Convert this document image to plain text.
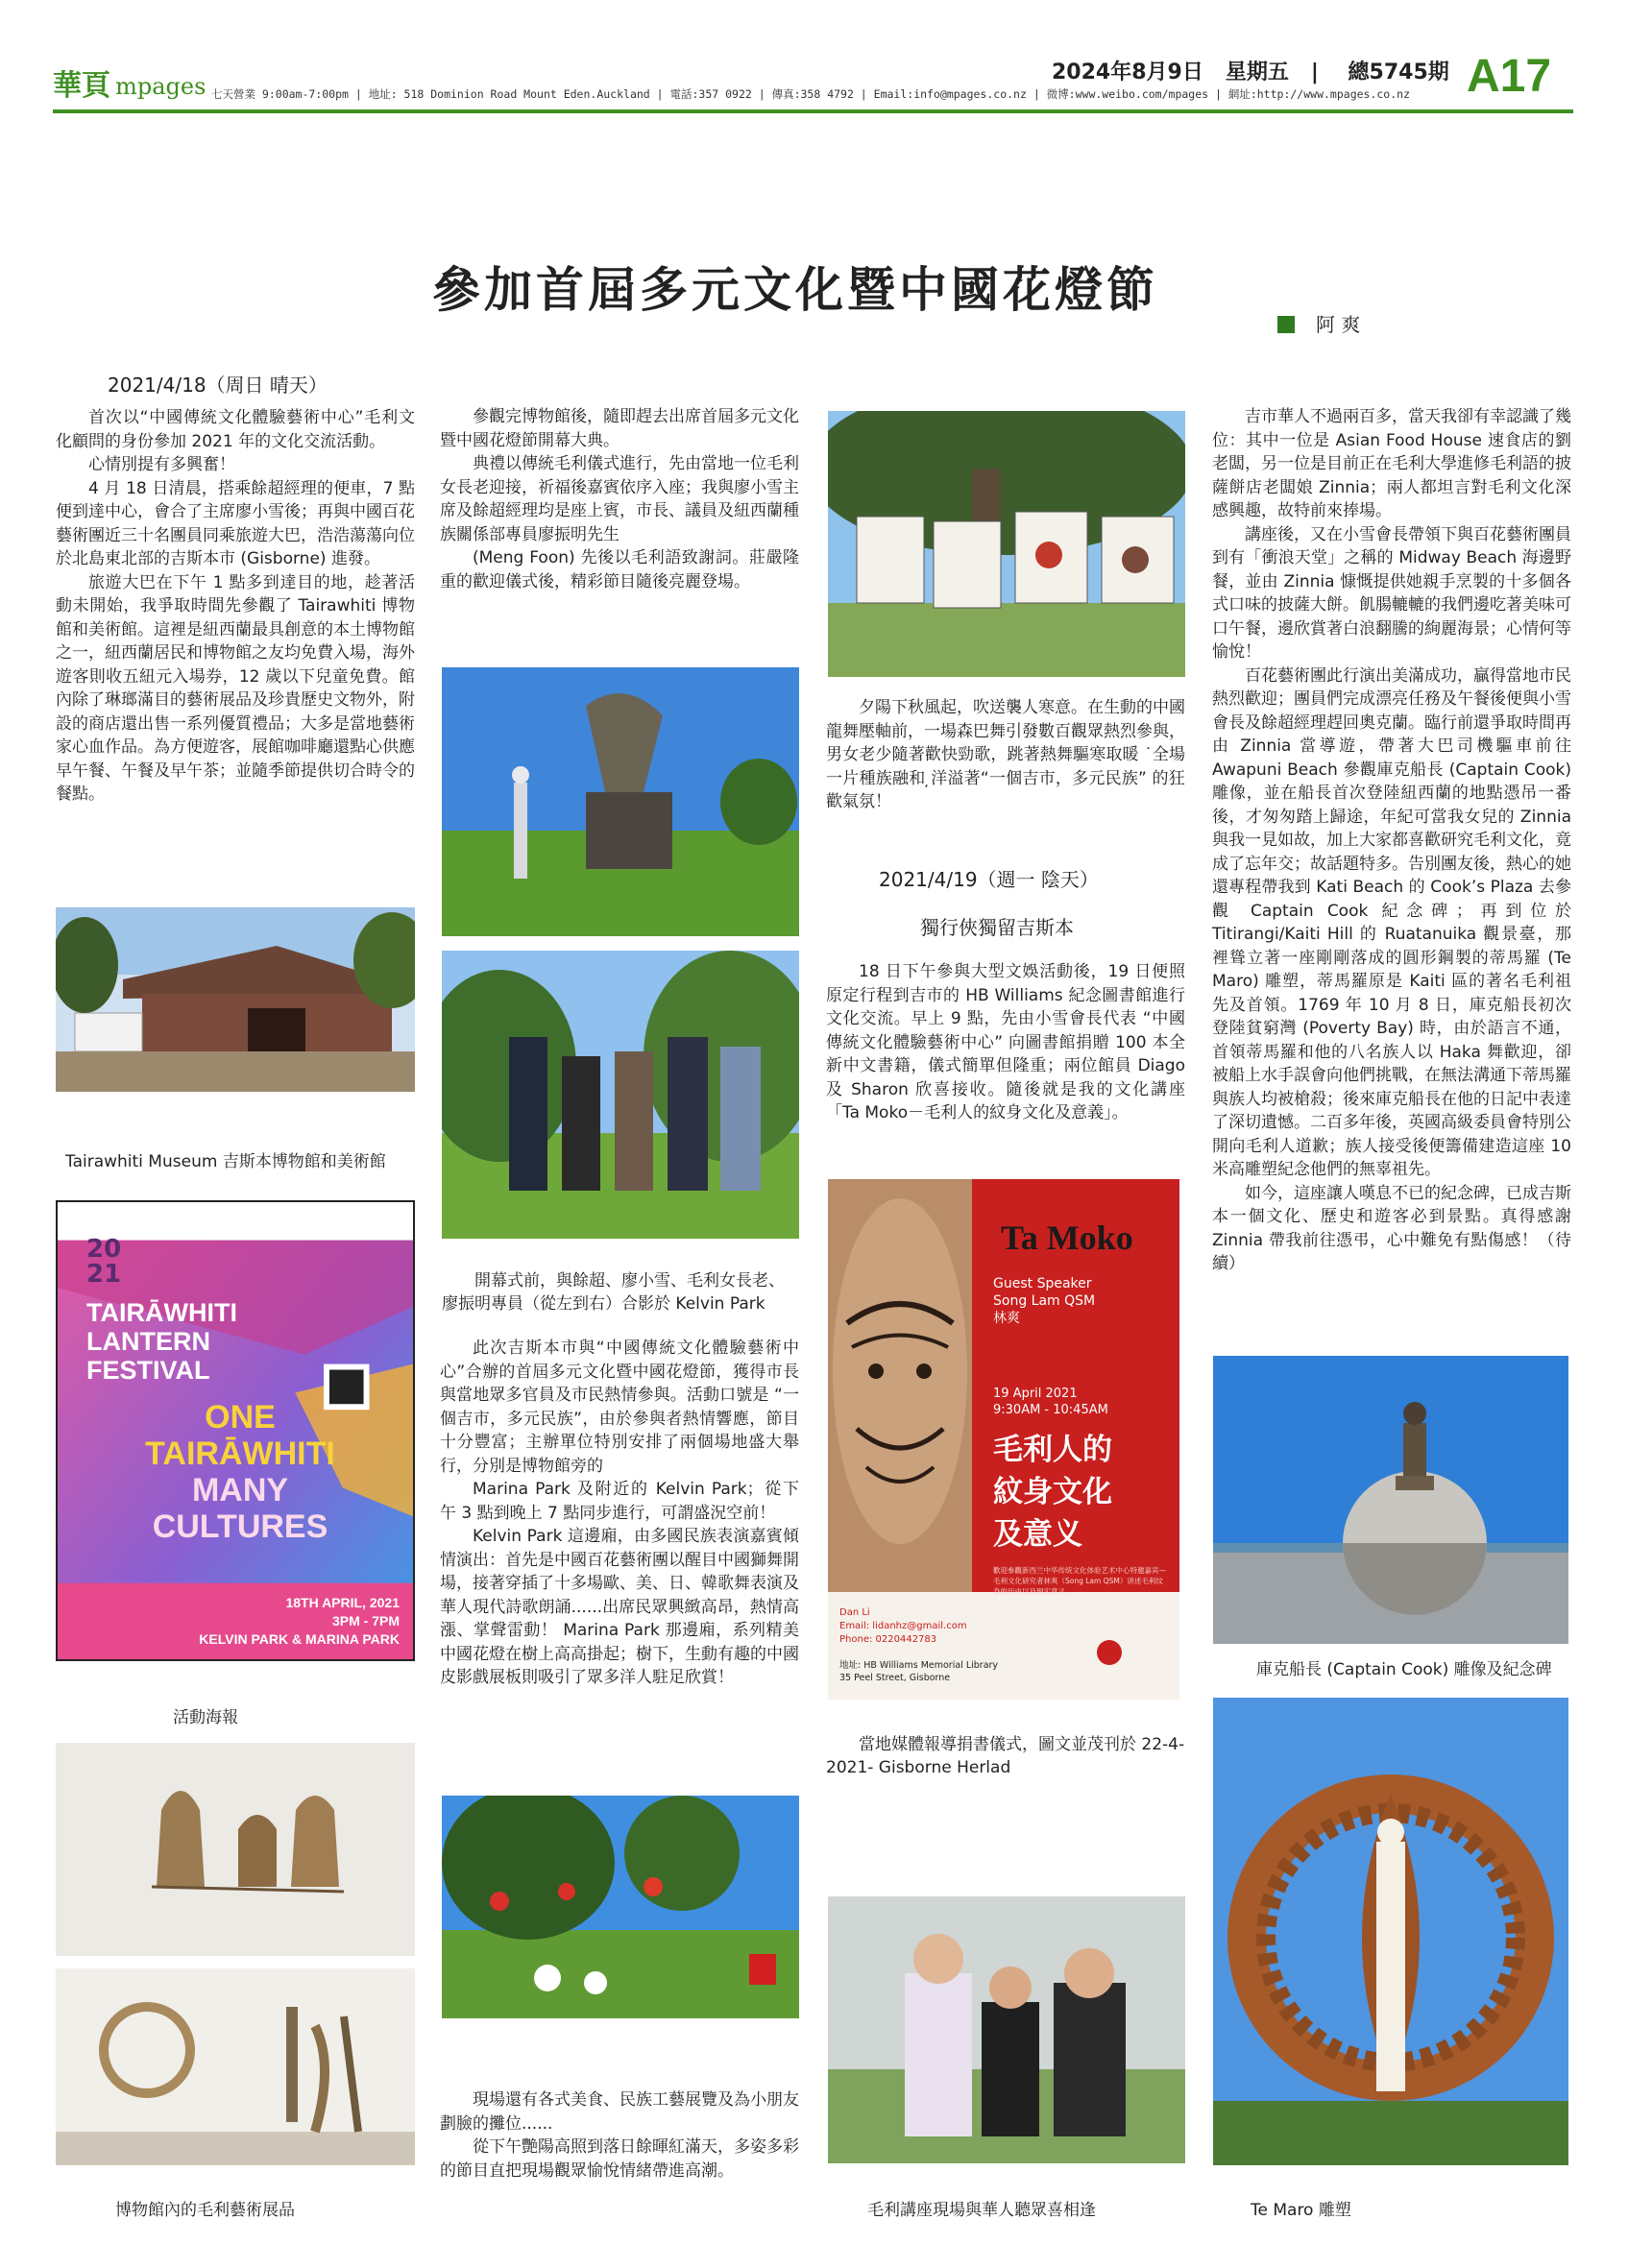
華頁 mpages 七天營業 9:00am-7:00pm | 地址: 518 Dominion Road Mount Eden.Auckland | 電話:357 0922 | 傳真:358 4792 | Email:info@mpages.co.nz | 微博:www.weibo.com/mpages | 網址:http://www.mpages.co.nz
2024年8月9日 星期五   |    總5745期 A17
參加首屆多元文化暨中國花燈節
阿 爽
2021/4/18（周日 晴天）

首次以“中國傳統文化體驗藝術中心”毛利文化顧問的身份參加 2021 年的文化交流活動。

心情別提有多興奮！

4 月 18 日清晨，搭乘餘超經理的便車，7 點便到達中心，會合了主席廖小雪後；再與中國百花藝術團近三十名團員同乘旅遊大巴，浩浩蕩蕩向位於北島東北部的吉斯本市 (Gisborne) 進發。

旅遊大巴在下午 1 點多到達目的地，趁著活動未開始，我爭取時間先參觀了 Tairawhiti 博物館和美術館。這裡是紐西蘭最具創意的本土博物館之一，紐西蘭居民和博物館之友均免費入場，海外遊客則收五紐元入場券，12 歲以下兒童免費。館內除了琳瑯滿目的藝術展品及珍貴歷史文物外，附設的商店還出售一系列優質禮品；大多是當地藝術家心血作品。為方便遊客，展館咖啡廳還點心供應早午餐、午餐及早午茶；並隨季節提供切合時令的餐點。

Tairawhiti Museum 吉斯本博物館和美術館
20
21
TAIRĀWHITI
LANTERN
FESTIVAL
ONE
TAIRĀWHITI
MANY
CULTURES
18TH APRIL, 2021
3PM - 7PM
KELVIN PARK & MARINA PARK
活動海報
博物館內的毛利藝術展品

參觀完博物館後，隨即趕去出席首屆多元文化暨中國花燈節開幕大典。

典禮以傳統毛利儀式進行，先由當地一位毛利女長老迎接，祈福後嘉賓依序入座；我與廖小雪主席及餘超經理均是座上賓，市長、議員及紐西蘭種族關係部專員廖振明先生

(Meng Foon) 先後以毛利語致謝詞。莊嚴隆重的歡迎儀式後，精彩節目隨後亮麗登場。

開幕式前，與餘超、廖小雪、毛利女長老、廖振明專員（從左到右）合影於 Kelvin Park

此次吉斯本市與“中國傳統文化體驗藝術中心”合辦的首屆多元文化暨中國花燈節，獲得市長與當地眾多官員及市民熱情參與。活動口號是 “一個吉市，多元民族”，由於參與者熱情響應，節目十分豐富；主辦單位特別安排了兩個場地盛大舉行，分別是博物館旁的

Marina Park 及附近的 Kelvin Park；從下午 3 點到晚上 7 點同步進行，可謂盛況空前！

Kelvin Park 這邊廂，由多國民族表演嘉賓傾情演出：首先是中國百花藝術團以醒目中國獅舞開場，接著穿插了十多場歐、美、日、韓歌舞表演及華人現代詩歌朗誦......出席民眾興緻高昂，熱情高漲、掌聲雷動！ Marina Park 那邊廂，系列精美中國花燈在樹上高高掛起；樹下，生動有趣的中國皮影戲展板則吸引了眾多洋人駐足欣賞！

現場還有各式美食、民族工藝展覽及為小朋友劃臉的攤位......

從下午艷陽高照到落日餘暉紅滿天，多姿多彩的節目直把現場觀眾愉悅情緒帶進高潮。

夕陽下秋風起，吹送襲人寒意。在生動的中國龍舞壓軸前，一場森巴舞引發數百觀眾熱烈參與，男女老少隨著歡快勁歌，跳著熱舞驅寒取暖 ˙全場一片種族融和 ̦洋溢著“一個吉市，多元民族” 的狂歡氣氛！

2021/4/19（週一 陰天）
獨行俠獨留吉斯本

18 日下午參與大型文娛活動後，19 日便照原定行程到吉市的 HB Williams 紀念圖書館進行文化交流。早上 9 點，先由小雪會長代表 “中國傳統文化體驗藝術中心” 向圖書館捐贈 100 本全新中文書籍，儀式簡單但隆重；兩位館員 Diago 及 Sharon 欣喜接收。隨後就是我的文化講座「Ta Moko－毛利人的紋身文化及意義」。

Ta Moko
Guest Speaker
Song Lam QSM
林爽
19 April 2021
9:30AM - 10:45AM
毛利人的
紋身文化
及意义
歡迎參觀新西兰中华传统文化体验艺术中心特邀嘉宾—毛利文化研究者林爽（Song Lam QSM）讲述毛利纹身的历史以及现实意义。
Dan Li
Email: lidanhz@gmail.com
Phone: 0220442783
地址: HB Williams Memorial Library
35 Peel Street, Gisborne
當地媒體報導捐書儀式，圖文並茂刊於 22-4-2021- Gisborne Herlad
毛利講座現場與華人聽眾喜相逢

吉市華人不過兩百多，當天我卻有幸認識了幾位：其中一位是 Asian Food House 速食店的劉老闆，另一位是目前正在毛利大學進修毛利語的披薩餅店老闆娘 Zinnia；兩人都坦言對毛利文化深感興趣，故特前來捧場。

講座後，又在小雪會長帶領下與百花藝術團員到有「衝浪天堂」之稱的 Midway Beach 海邊野餐，並由 Zinnia 慷慨提供她親手烹製的十多個各式口味的披薩大餅。飢腸轆轆的我們邊吃著美味可口午餐，邊欣賞著白浪翻騰的絢麗海景；心情何等愉悅！

百花藝術團此行演出美滿成功，贏得當地市民熱烈歡迎；團員們完成漂亮任務及午餐後便與小雪會長及餘超經理趕回奧克蘭。臨行前還爭取時間再由 Zinnia 當導遊，帶著大巴司機驅車前往 Awapuni Beach 參觀庫克船長 (Captain Cook) 雕像，並在船長首次登陸紐西蘭的地點憑吊一番後，才匆匆踏上歸途，年紀可當我女兒的 Zinnia 與我一見如故，加上大家都喜歡研究毛利文化，竟成了忘年交；故話題特多。告別團友後，熱心的她還專程帶我到 Kati Beach 的 Cook’s Plaza 去參觀 Captain Cook 紀念碑；再到位於 Titirangi/Kaiti Hill 的 Ruatanuika 觀景臺，那裡聳立著一座剛剛落成的圓形鋼製的蒂馬羅 (Te Maro) 雕塑，蒂馬羅原是 Kaiti 區的著名毛利祖先及首領。1769 年 10 月 8 日，庫克船長初次登陸貧窮灣 (Poverty Bay) 時，由於語言不通，首領蒂馬羅和他的八名族人以 Haka 舞歡迎，卻被船上水手誤會向他們挑戰，在無法溝通下蒂馬羅與族人均被槍殺；後來庫克船長在他的日記中表達了深切遺憾。二百多年後，英國高級委員會特別公開向毛利人道歉；族人接受後便籌備建造這座 10 米高雕塑紀念他們的無辜祖先。

如今，這座讓人嘆息不已的紀念碑，已成吉斯本一個文化、歷史和遊客必到景點。真得感謝 Zinnia 帶我前往憑弔，心中難免有點傷感！（待續）

庫克船長 (Captain Cook) 雕像及紀念碑
Te Maro 雕塑
